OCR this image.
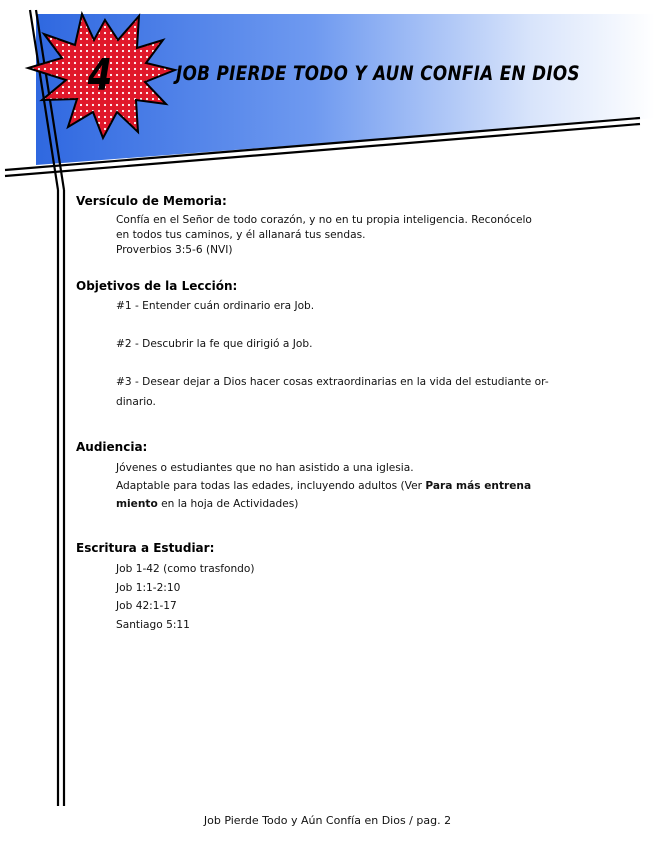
4	JOB PIERDE TODO Y AUN CONFIA EN DIOS
Versículo de Memoria:

Confía en el Señor de todo corazón, y no en tu propia inteligencia. Reconócelo

en todos tus caminos, y él allanará tus sendas.

Proverbios 3:5-6 (NVI)

Objetivos de la Lección:

#1 - Entender cuán ordinario era Job.

#2 - Descubrir la fe que dirigió a Job.

#3 - Desear dejar a Dios hacer cosas extraordinarias en la vida del estudiante or-

dinario.

Audiencia:

Jóvenes o estudiantes que no han asistido a una iglesia.

Adaptable para todas las edades, incluyendo adultos (Ver Para más entrena

miento en la hoja de Actividades)

Escritura a Estudiar:

Job 1-42 (como trasfondo)

Job 1:1-2:10

Job 42:1-17

Santiago 5:11

Job Pierde Todo y Aún Confía en Dios / pag. 2
